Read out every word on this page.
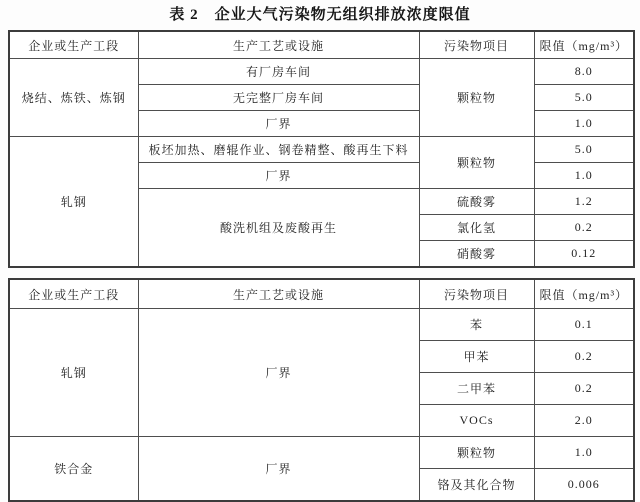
表 2　企业大气污染物无组织排放浓度限值
企业或生产工段	生产工艺或设施	污染物项目	限值（mg/m³）
烧结、炼铁、炼钢	有厂房车间	颗粒物	8.0
	无完整厂房车间		5.0
	厂界		1.0
轧钢	板坯加热、磨辊作业、钢卷精整、酸再生下料	颗粒物	5.0
	厂界		1.0
	酸洗机组及废酸再生	硫酸雾	1.2
		氯化氢	0.2
		硝酸雾	0.12
企业或生产工段	生产工艺或设施	污染物项目	限值（mg/m³）
轧钢	厂界	苯	0.1
		甲苯	0.2
		二甲苯	0.2
		VOCs	2.0
铁合金	厂界	颗粒物	1.0
		铬及其化合物	0.006
